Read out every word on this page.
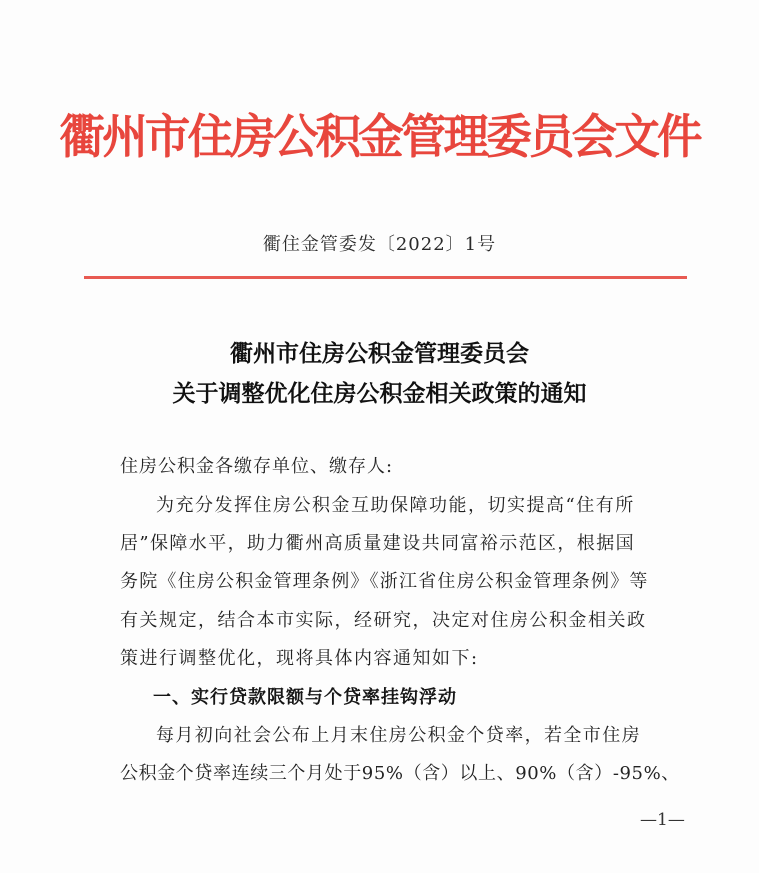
衢州市住房公积金管理委员会文件
衢住金管委发〔2022〕1号
衢州市住房公积金管理委员会
关于调整优化住房公积金相关政策的通知
住房公积金各缴存单位、缴存人:
为充分发挥住房公积金互助保障功能，切实提高“住有所
居”保障水平，助力衢州高质量建设共同富裕示范区，根据国
务院《住房公积金管理条例》《浙江省住房公积金管理条例》等
有关规定，结合本市实际，经研究，决定对住房公积金相关政
策进行调整优化，现将具体内容通知如下:
一、实行贷款限额与个贷率挂钩浮动
每月初向社会公布上月末住房公积金个贷率，若全市住房
公积金个贷率连续三个月处于95%（含）以上、90%（含）-95%、
—1—
